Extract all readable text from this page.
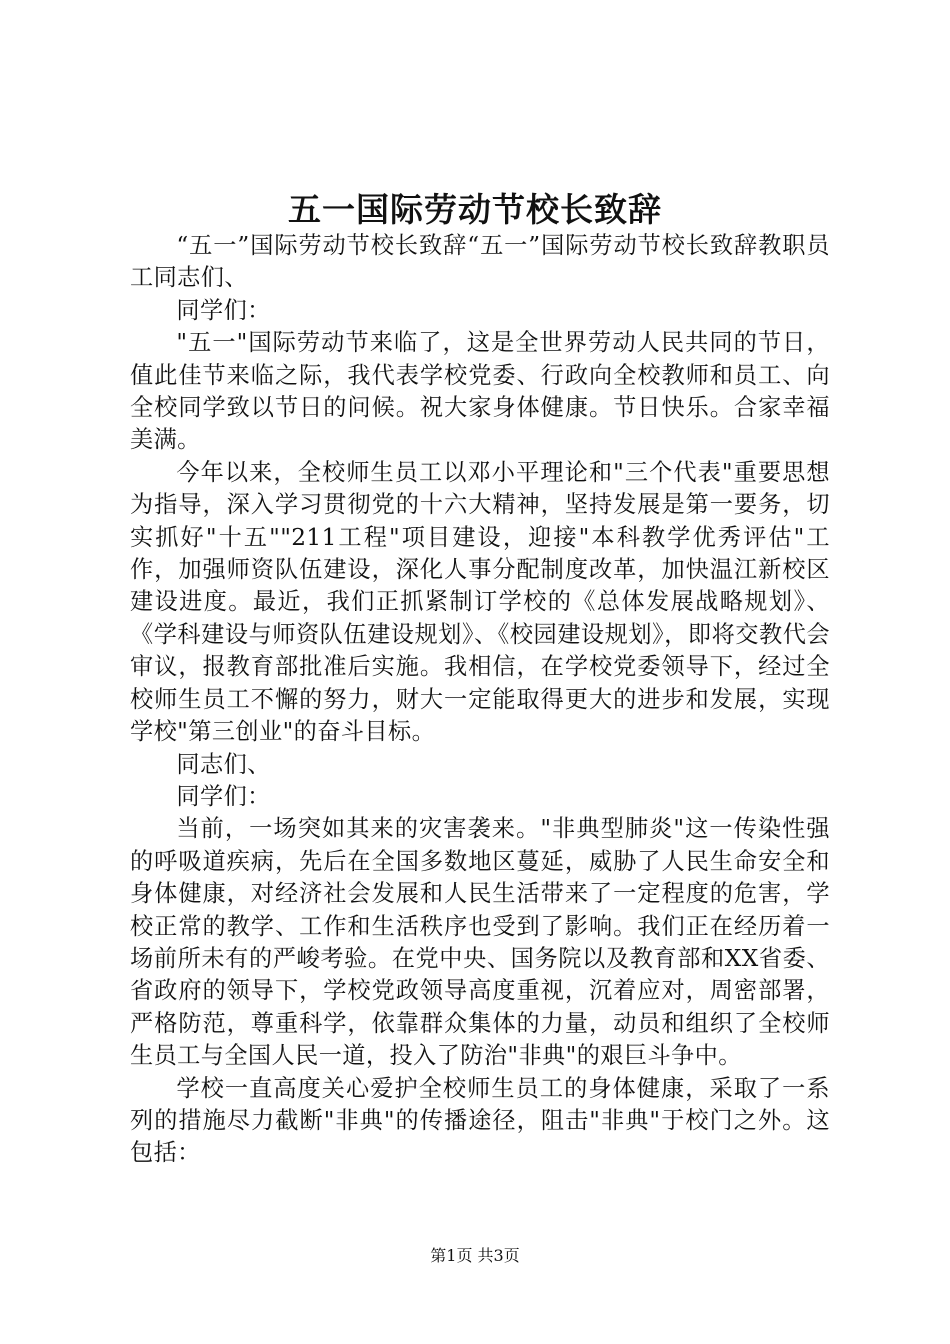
五一国际劳动节校长致辞

“五一”国际劳动节校长致辞“五一”国际劳动节校长致辞教职员工同志们、

同学们：

"五一"国际劳动节来临了，这是全世界劳动人民共同的节日，值此佳节来临之际，我代表学校党委、行政向全校教师和员工、向全校同学致以节日的问候。祝大家身体健康。节日快乐。合家幸福美满。

今年以来，全校师生员工以邓小平理论和"三个代表"重要思想为指导，深入学习贯彻党的十六大精神，坚持发展是第一要务，切实抓好"十五""211工程"项目建设，迎接"本科教学优秀评估"工作，加强师资队伍建设，深化人事分配制度改革，加快温江新校区建设进度。最近，我们正抓紧制订学校的《总体发展战略规划》、《学科建设与师资队伍建设规划》、《校园建设规划》，即将交教代会审议，报教育部批准后实施。我相信，在学校党委领导下，经过全校师生员工不懈的努力，财大一定能取得更大的进步和发展，实现学校"第三创业"的奋斗目标。

同志们、

同学们：

当前，一场突如其来的灾害袭来。"非典型肺炎"这一传染性强的呼吸道疾病，先后在全国多数地区蔓延，威胁了人民生命安全和身体健康，对经济社会发展和人民生活带来了一定程度的危害，学校正常的教学、工作和生活秩序也受到了影响。我们正在经历着一场前所未有的严峻考验。在党中央、国务院以及教育部和XX省委、省政府的领导下，学校党政领导高度重视，沉着应对，周密部署，严格防范，尊重科学，依靠群众集体的力量，动员和组织了全校师生员工与全国人民一道，投入了防治"非典"的艰巨斗争中。

学校一直高度关心爱护全校师生员工的身体健康，采取了一系列的措施尽力截断"非典"的传播途径，阻击"非典"于校门之外。这包括：

第1页 共3页
